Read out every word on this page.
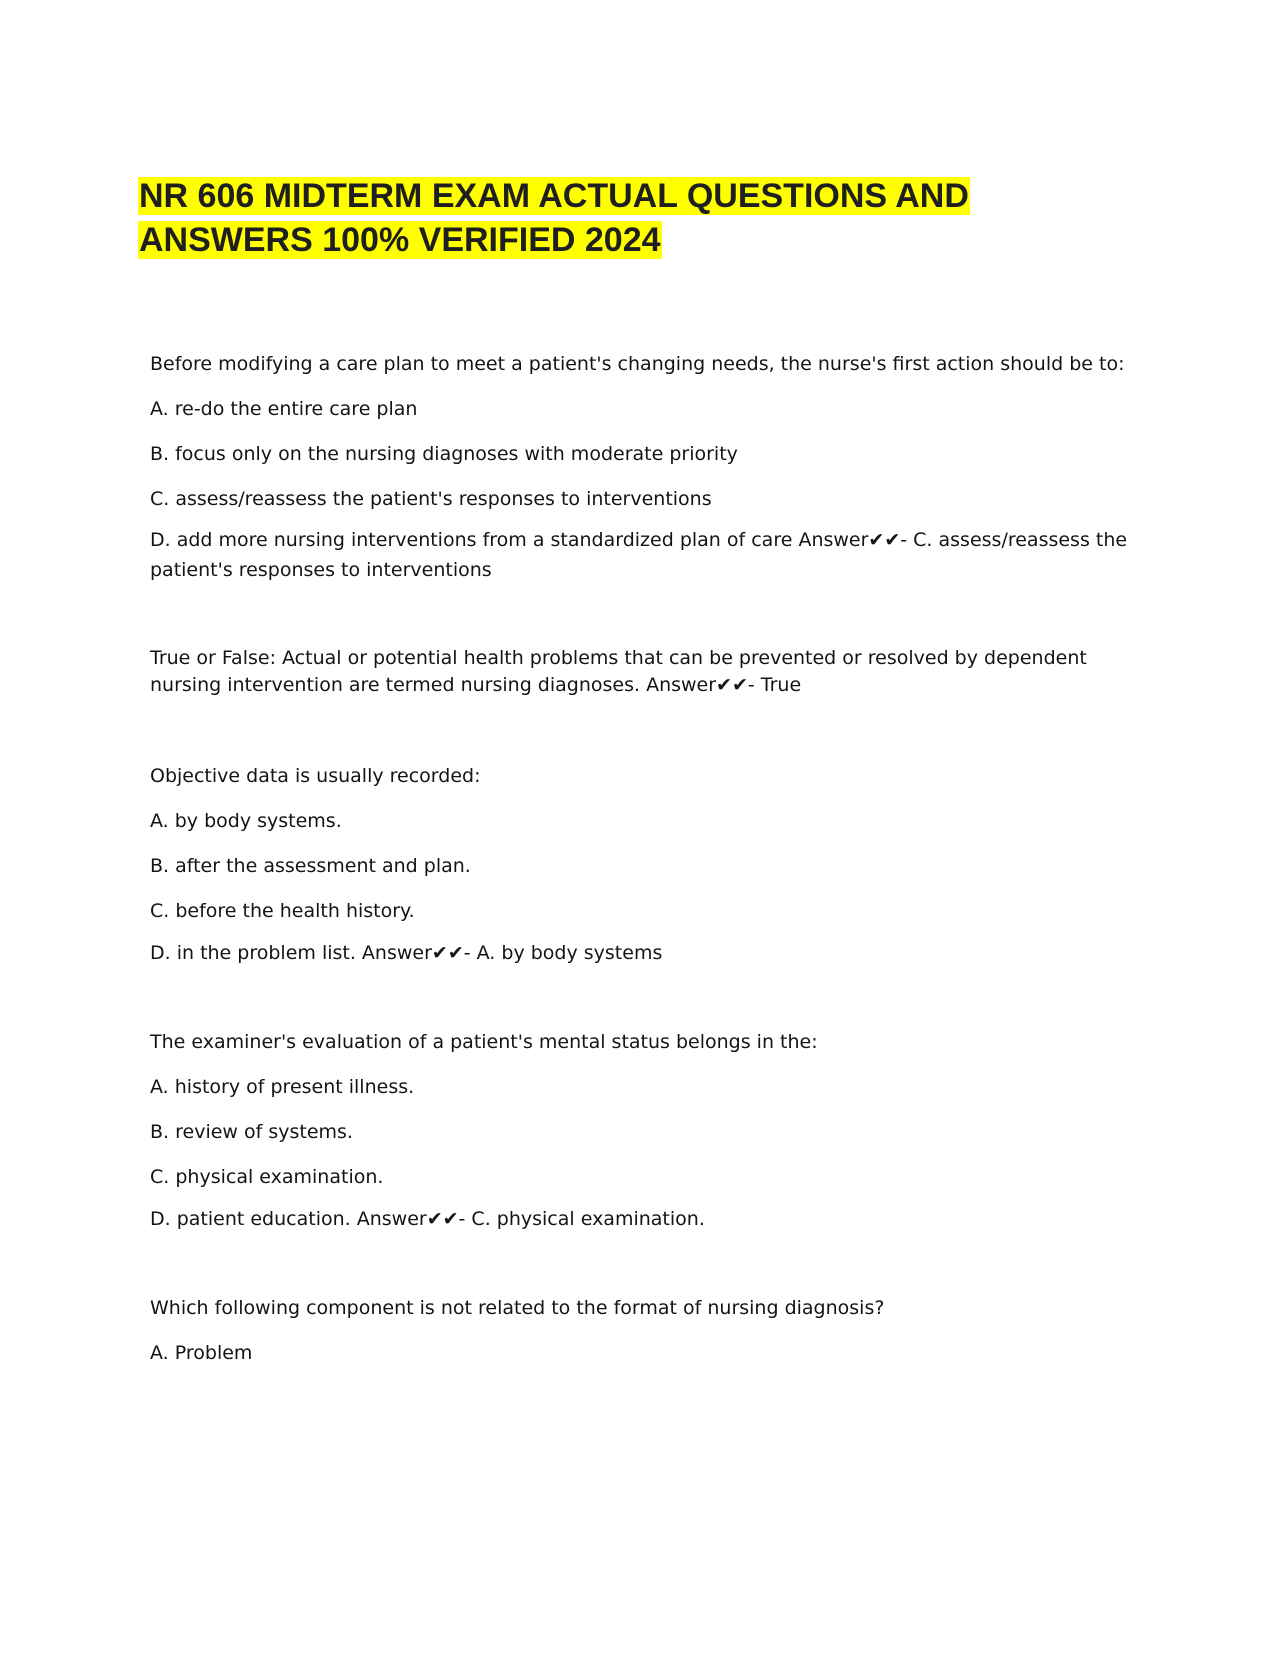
NR 606 MIDTERM EXAM ACTUAL QUESTIONS AND
ANSWERS 100% VERIFIED 2024

Before modifying a care plan to meet a patient's changing needs, the nurse's first action should be to:

A. re-do the entire care plan

B. focus only on the nursing diagnoses with moderate priority

C. assess/reassess the patient's responses to interventions

D. add more nursing interventions from a standardized plan of care Answer✔✔- C. assess/reassess the patient's responses to interventions

True or False: Actual or potential health problems that can be prevented or resolved by dependent nursing intervention are termed nursing diagnoses. Answer✔✔- True

Objective data is usually recorded:

A. by body systems.

B. after the assessment and plan.

C. before the health history.

D. in the problem list. Answer✔✔- A. by body systems

The examiner's evaluation of a patient's mental status belongs in the:

A. history of present illness.

B. review of systems.

C. physical examination.

D. patient education. Answer✔✔- C. physical examination.

Which following component is not related to the format of nursing diagnosis?

A. Problem
